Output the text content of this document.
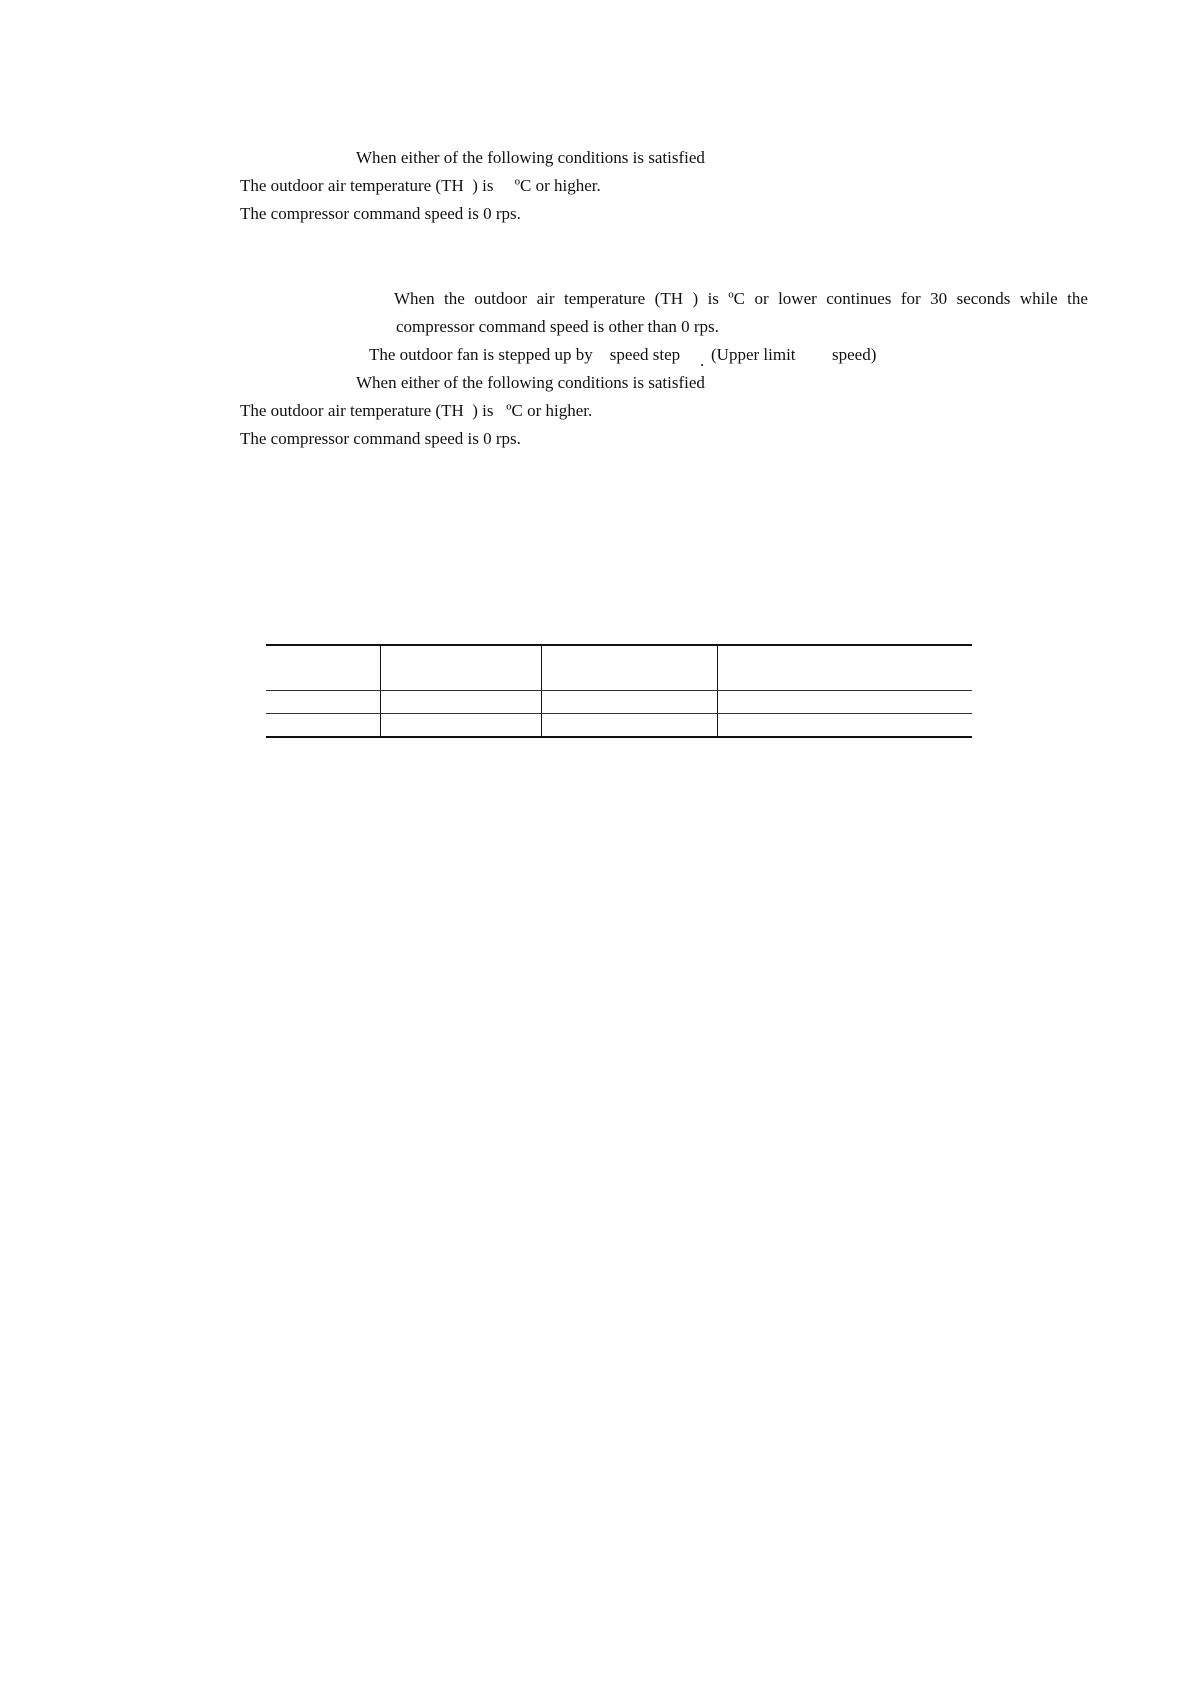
When either of the following conditions is satisfied

The outdoor air temperature (TH  ) is     ºC or higher.

The compressor command speed is 0 rps.

When the outdoor air temperature (TH ) is ºC or lower continues for 30 seconds while the

compressor command speed is other than 0 rps.

The outdoor fan is stepped up by    speed step . (Upper limit speed)

When either of the following conditions is satisfied

The outdoor air temperature (TH  ) is   ºC or higher.

The compressor command speed is 0 rps.
